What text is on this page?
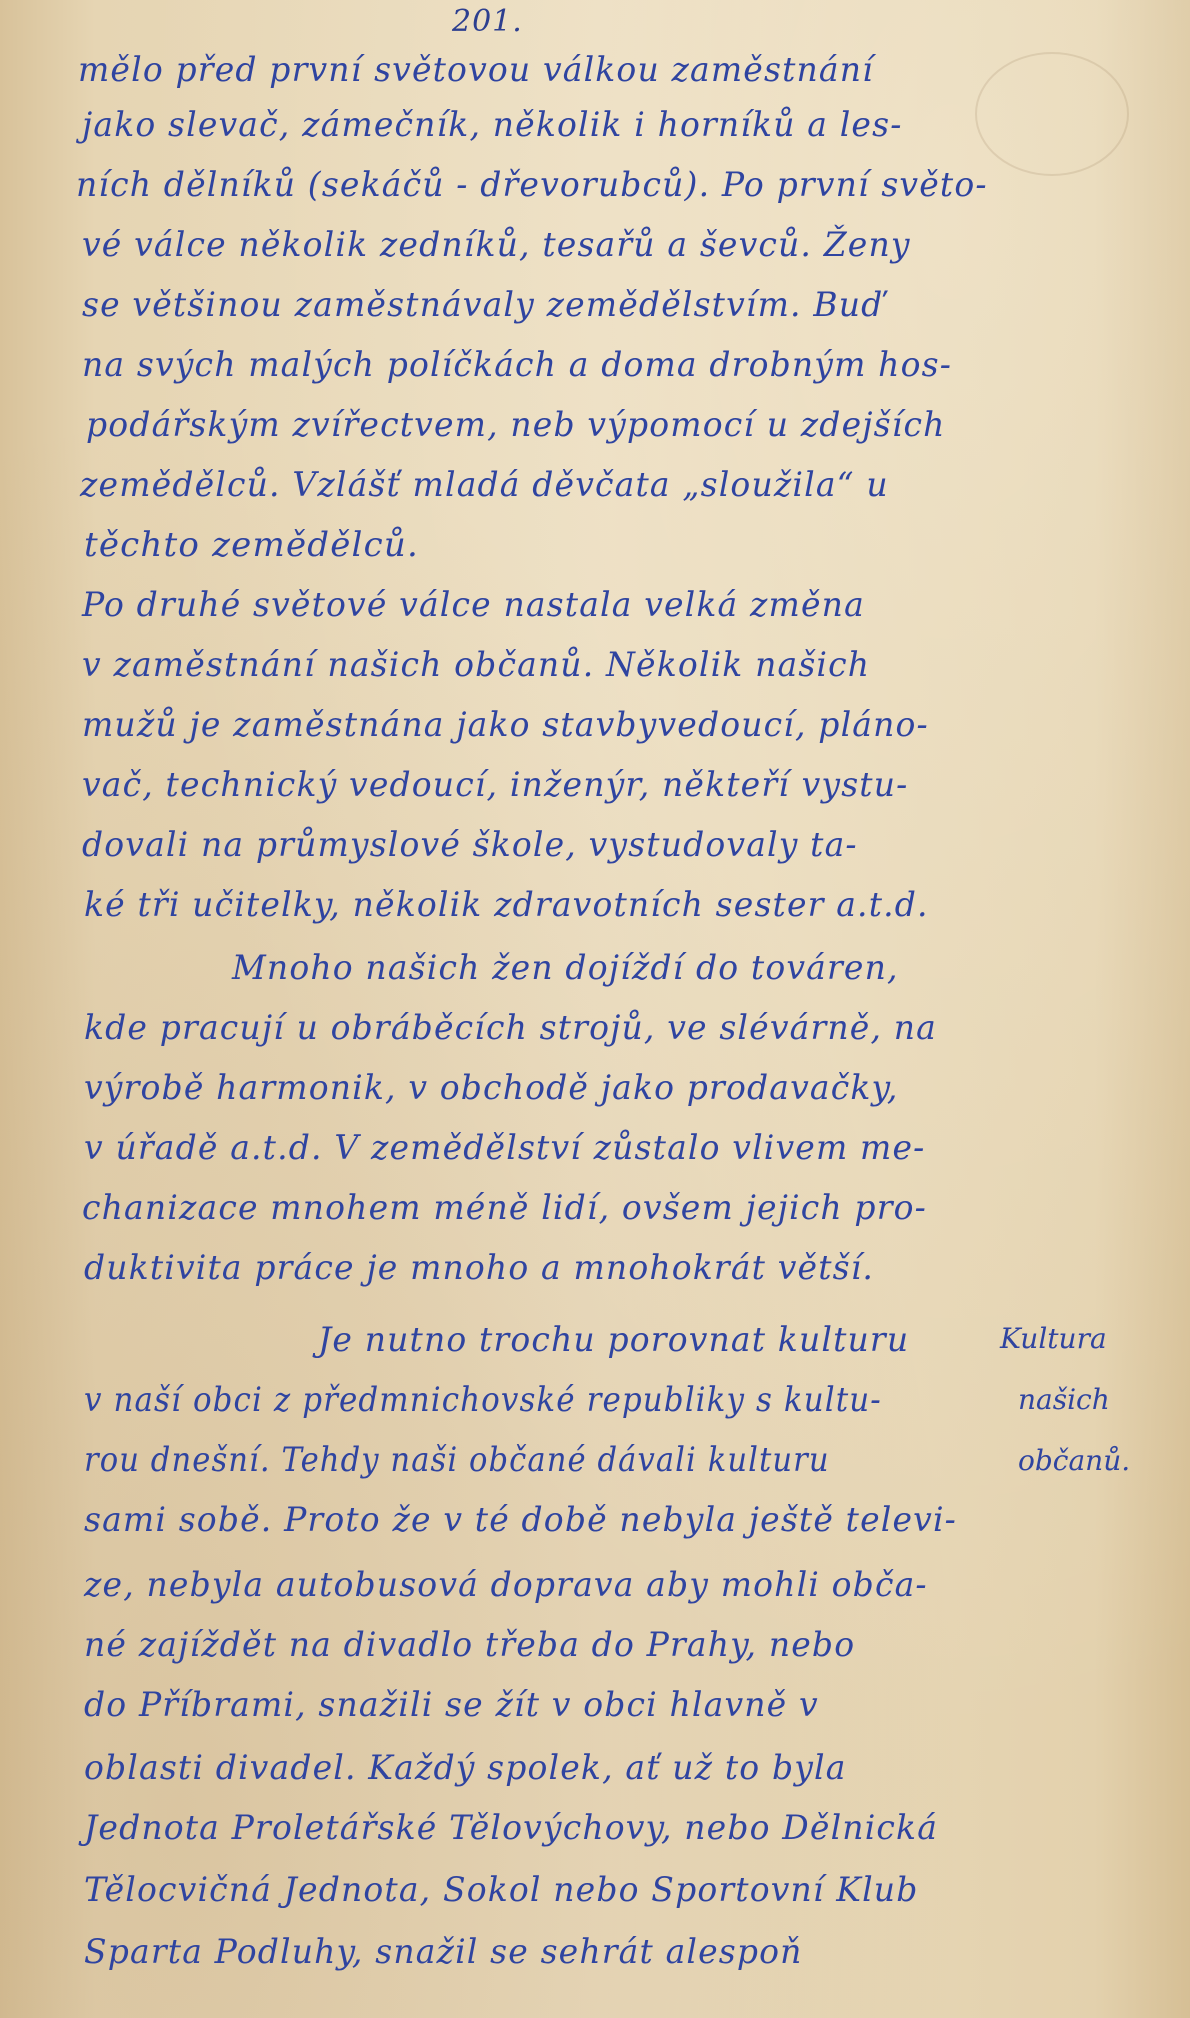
201.
mělo před první světovou válkou zaměstnání
jako slevač, zámečník, několik i horníků a les-
ních dělníků (sekáčů - dřevorubců). Po první světo-
vé válce několik zedníků, tesařů a ševců. Ženy
se většinou zaměstnávaly zemědělstvím. Buď
na svých malých políčkách a doma drobným hos-
podářským zvířectvem, neb výpomocí u zdejších
zemědělců. Vzlášť mladá děvčata „sloužila“ u
těchto zemědělců.
Po druhé světové válce nastala velká změna
v zaměstnání našich občanů. Několik našich
mužů je zaměstnána jako stavbyvedoucí, pláno-
vač, technický vedoucí, inženýr, někteří vystu-
dovali na průmyslové škole, vystudovaly ta-
ké tři učitelky, několik zdravotních sester a.t.d.
Mnoho našich žen dojíždí do továren,
kde pracují u obráběcích strojů, ve slévárně, na
výrobě harmonik, v obchodě jako prodavačky,
v úřadě a.t.d. V zemědělství zůstalo vlivem me-
chanizace mnohem méně lidí, ovšem jejich pro-
duktivita práce je mnoho a mnohokrát větší.
Je nutno trochu porovnat kulturu
v naší obci z předmnichovské republiky s kultu-
rou dnešní. Tehdy naši občané dávali kulturu
sami sobě. Proto že v té době nebyla ještě televi-
ze, nebyla autobusová doprava aby mohli obča-
né zajíždět na divadlo třeba do Prahy, nebo
do Příbrami, snažili se žít v obci hlavně v
oblasti divadel. Každý spolek, ať už to byla
Jednota Proletářské Tělovýchovy, nebo Dělnická
Tělocvičná Jednota, Sokol nebo Sportovní Klub
Sparta Podluhy, snažil se sehrát alespoň
Kultura
našich
občanů.
